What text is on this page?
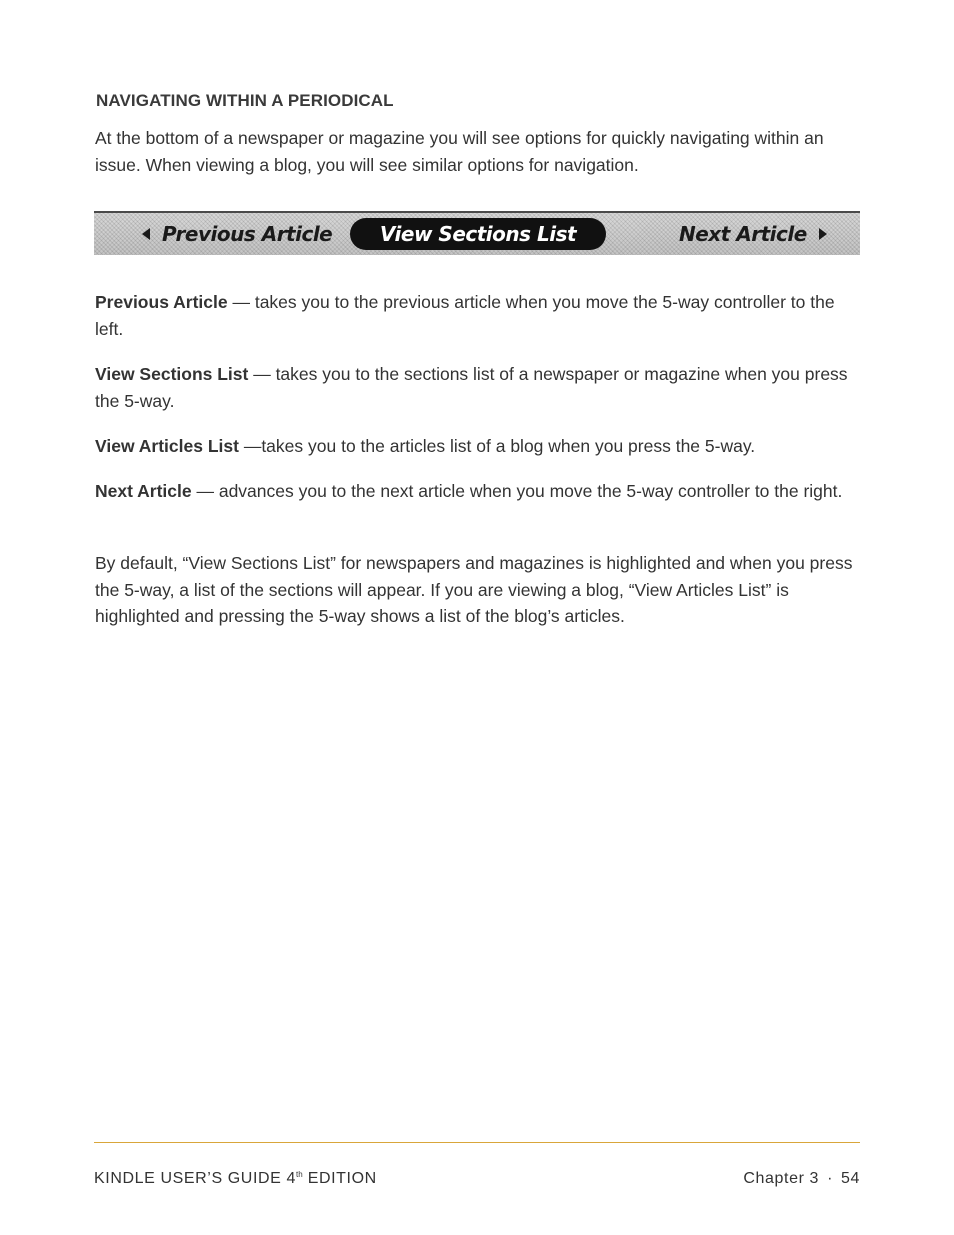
NAVIGATING WITHIN A PERIODICAL

At the bottom of a newspaper or magazine you will see options for quickly navigating within an issue. When viewing a blog, you will see similar options for navigation.

Previous Article View Sections List	Next Article

Previous Article — takes you to the previous article when you move the 5-way controller to the left.

View Sections List — takes you to the sections list of a newspaper or magazine when you press the 5-way.

View Articles List —takes you to the articles list of a blog when you press the 5-way.

Next Article — advances you to the next article when you move the 5-way controller to the right.

By default, “View Sections List” for newspapers and magazines is highlighted and when you press the 5-way, a list of the sections will appear. If you are viewing a blog, “View Articles List” is highlighted and pressing the 5-way shows a list of the blog’s articles.

KINDLE USER’S GUIDE 4th EDITION	Chapter 3 · 54
